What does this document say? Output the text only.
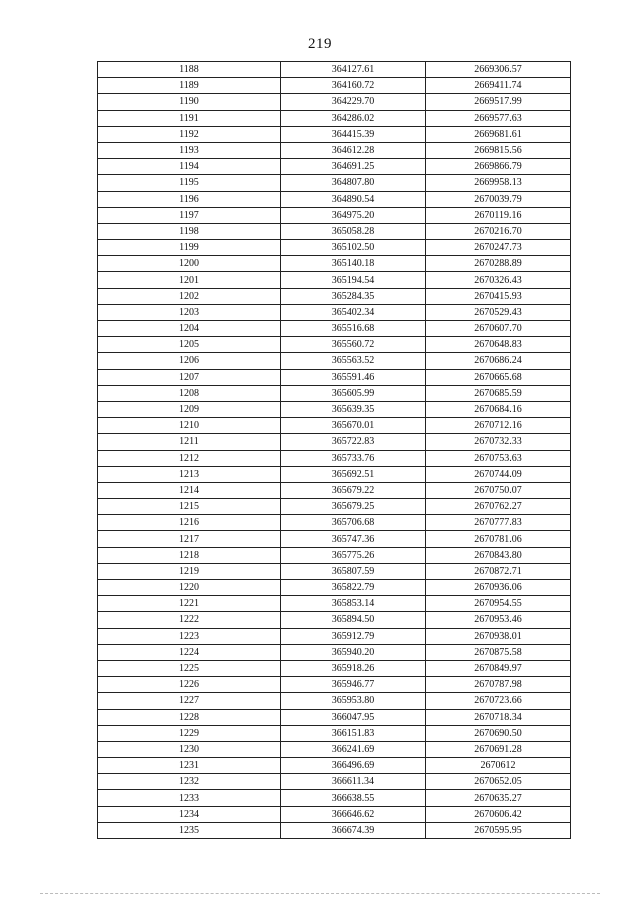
219
1188	364127.61	2669306.57
1189	364160.72	2669411.74
1190	364229.70	2669517.99
1191	364286.02	2669577.63
1192	364415.39	2669681.61
1193	364612.28	2669815.56
1194	364691.25	2669866.79
1195	364807.80	2669958.13
1196	364890.54	2670039.79
1197	364975.20	2670119.16
1198	365058.28	2670216.70
1199	365102.50	2670247.73
1200	365140.18	2670288.89
1201	365194.54	2670326.43
1202	365284.35	2670415.93
1203	365402.34	2670529.43
1204	365516.68	2670607.70
1205	365560.72	2670648.83
1206	365563.52	2670686.24
1207	365591.46	2670665.68
1208	365605.99	2670685.59
1209	365639.35	2670684.16
1210	365670.01	2670712.16
1211	365722.83	2670732.33
1212	365733.76	2670753.63
1213	365692.51	2670744.09
1214	365679.22	2670750.07
1215	365679.25	2670762.27
1216	365706.68	2670777.83
1217	365747.36	2670781.06
1218	365775.26	2670843.80
1219	365807.59	2670872.71
1220	365822.79	2670936.06
1221	365853.14	2670954.55
1222	365894.50	2670953.46
1223	365912.79	2670938.01
1224	365940.20	2670875.58
1225	365918.26	2670849.97
1226	365946.77	2670787.98
1227	365953.80	2670723.66
1228	366047.95	2670718.34
1229	366151.83	2670690.50
1230	366241.69	2670691.28
1231	366496.69	2670612
1232	366611.34	2670652.05
1233	366638.55	2670635.27
1234	366646.62	2670606.42
1235	366674.39	2670595.95
